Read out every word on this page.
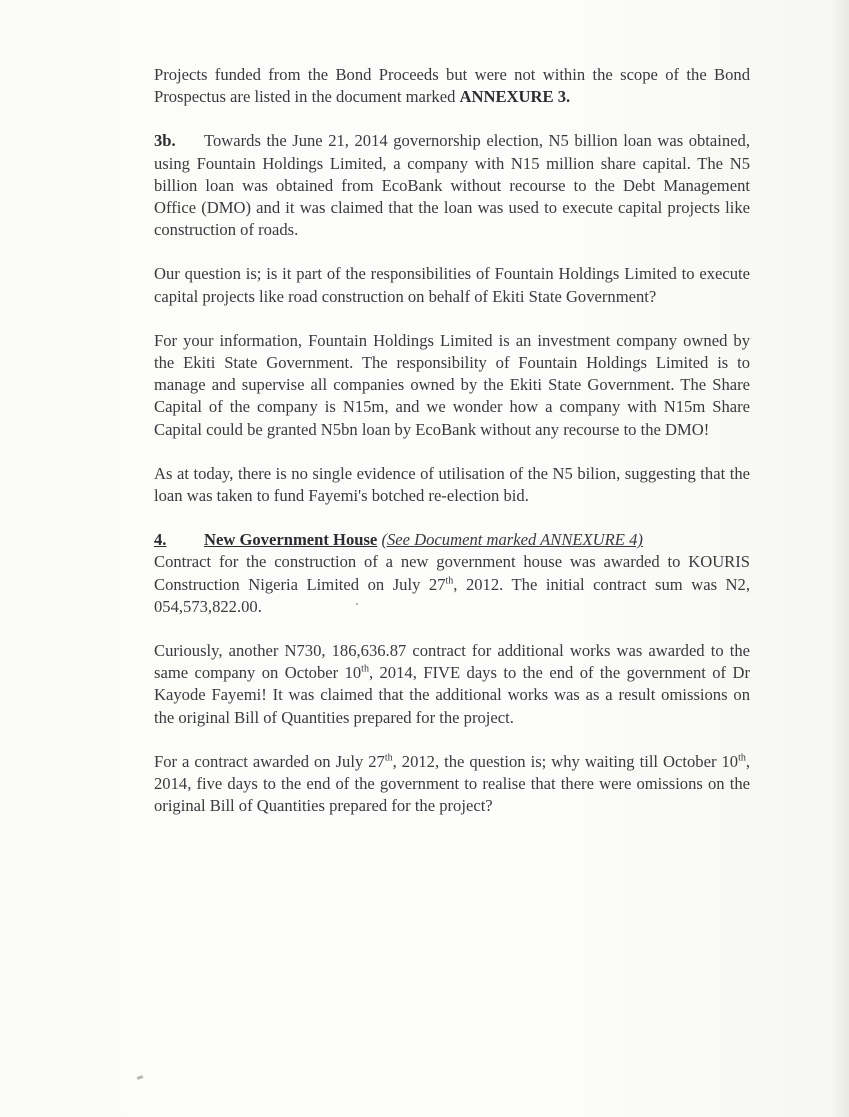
Projects funded from the Bond Proceeds but were not within the scope of the Bond Prospectus are listed in the document marked ANNEXURE 3.

3b. Towards the June 21, 2014 governorship election, N5 billion loan was obtained, using Fountain Holdings Limited, a company with N15 million share capital. The N5 billion loan was obtained from EcoBank without recourse to the Debt Management Office (DMO) and it was claimed that the loan was used to execute capital projects like construction of roads.

Our question is; is it part of the responsibilities of Fountain Holdings Limited to execute capital projects like road construction on behalf of Ekiti State Government?

For your information, Fountain Holdings Limited is an investment company owned by the Ekiti State Government. The responsibility of Fountain Holdings Limited is to manage and supervise all companies owned by the Ekiti State Government. The Share Capital of the company is N15m, and we wonder how a company with N15m Share Capital could be granted N5bn loan by EcoBank without any recourse to the DMO!

As at today, there is no single evidence of utilisation of the N5 bilion, suggesting that the loan was taken to fund Fayemi's botched re-election bid.

4. New Government House (See Document marked ANNEXURE 4)
Contract for the construction of a new government house was awarded to KOURIS Construction Nigeria Limited on July 27th, 2012. The initial contract sum was N2, 054,573,822.00.

Curiously, another N730, 186,636.87 contract for additional works was awarded to the same company on October 10th, 2014, FIVE days to the end of the government of Dr Kayode Fayemi! It was claimed that the additional works was as a result omissions on the original Bill of Quantities prepared for the project.

For a contract awarded on July 27th, 2012, the question is; why waiting till October 10th, 2014, five days to the end of the government to realise that there were omissions on the original Bill of Quantities prepared for the project?
